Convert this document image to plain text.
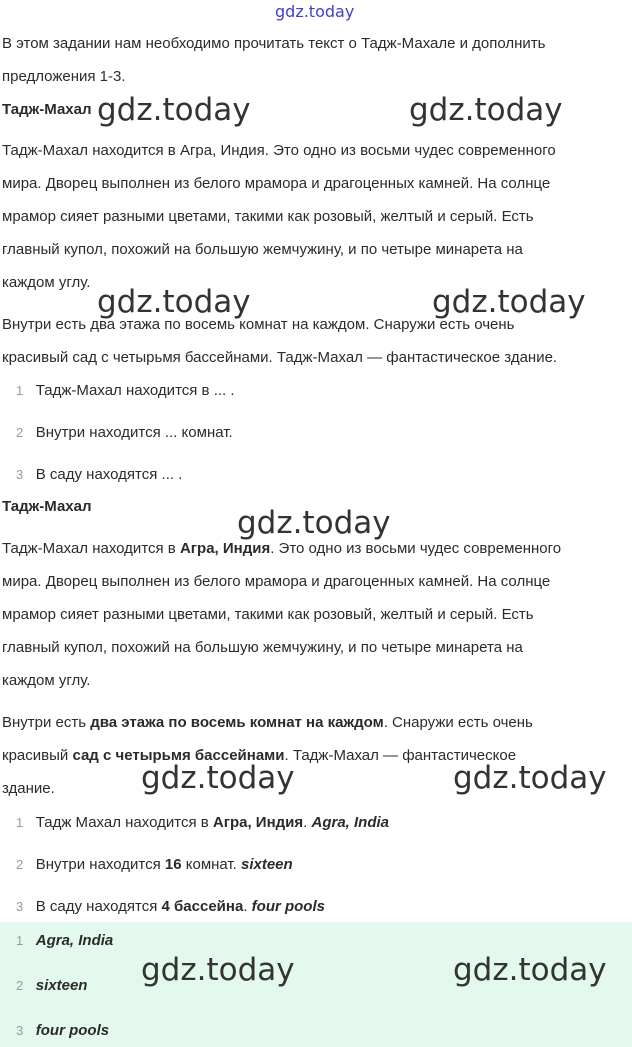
gdz.today
В этом задании нам необходимо прочитать текст о Тадж-Махале и дополнить
предложения 1-3.
Тадж-Махал
Тадж-Махал находится в Агра, Индия. Это одно из восьми чудес современного
мира. Дворец выполнен из белого мрамора и драгоценных камней. На солнце
мрамор сияет разными цветами, такими как розовый, желтый и серый. Есть
главный купол, похожий на большую жемчужину, и по четыре минарета на
каждом углу.
Внутри есть два этажа по восемь комнат на каждом. Снаружи есть очень
красивый сад с четырьмя бассейнами. Тадж-Махал — фантастическое здание.
1 Тадж-Махал находится в ... .
2 Внутри находится ... комнат.
3 В саду находятся ... .
Тадж-Махал
Тадж-Махал находится в Агра, Индия. Это одно из восьми чудес современного
мира. Дворец выполнен из белого мрамора и драгоценных камней. На солнце
мрамор сияет разными цветами, такими как розовый, желтый и серый. Есть
главный купол, похожий на большую жемчужину, и по четыре минарета на
каждом углу.
Внутри есть два этажа по восемь комнат на каждом. Снаружи есть очень
красивый сад с четырьмя бассейнами. Тадж-Махал — фантастическое
здание.
1 Тадж Махал находится в Агра, Индия. Agra, India
2 Внутри находится 16 комнат. sixteen
3 В саду находятся 4 бассейна. four pools
1 Agra, India
2 sixteen
3 four pools
gdz.today	gdz.today
gdz.today	gdz.today
gdz.today
gdz.today	gdz.today
gdz.today	gdz.today
